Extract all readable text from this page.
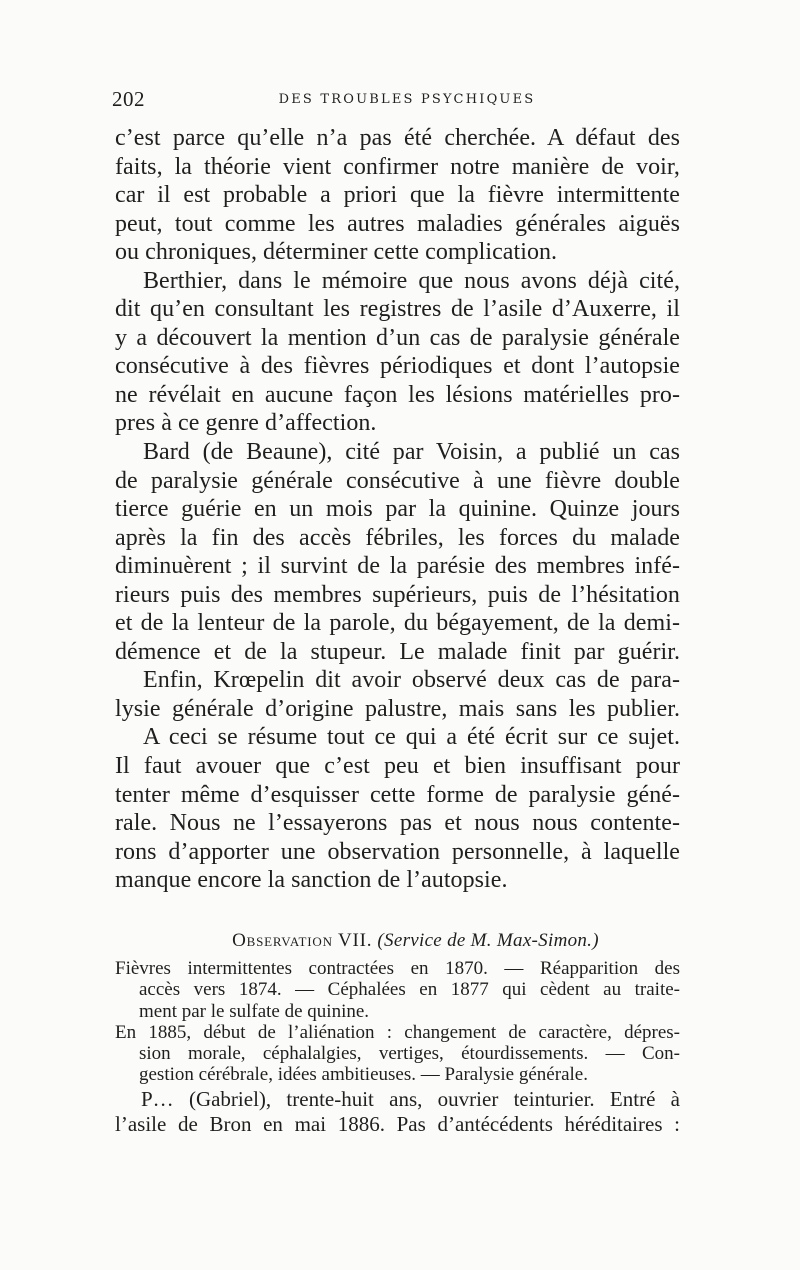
202	DES TROUBLES PSYCHIQUES
c’est parce qu’elle n’a pas été cherchée. A défaut des
faits, la théorie vient confirmer notre manière de voir,
car il est probable a priori que la fièvre intermittente
peut, tout comme les autres maladies générales aiguës
ou chroniques, déterminer cette complication.
Berthier, dans le mémoire que nous avons déjà cité,
dit qu’en consultant les registres de l’asile d’Auxerre, il
y a découvert la mention d’un cas de paralysie générale
consécutive à des fièvres périodiques et dont l’autopsie
ne révélait en aucune façon les lésions matérielles pro-
pres à ce genre d’affection.
Bard (de Beaune), cité par Voisin, a publié un cas
de paralysie générale consécutive à une fièvre double
tierce guérie en un mois par la quinine. Quinze jours
après la fin des accès fébriles, les forces du malade
diminuèrent ; il survint de la parésie des membres infé-
rieurs puis des membres supérieurs, puis de l’hésitation
et de la lenteur de la parole, du bégayement, de la demi-
démence et de la stupeur. Le malade finit par guérir.
Enfin, Krœpelin dit avoir observé deux cas de para-
lysie générale d’origine palustre, mais sans les publier.
A ceci se résume tout ce qui a été écrit sur ce sujet.
Il faut avouer que c’est peu et bien insuffisant pour
tenter même d’esquisser cette forme de paralysie géné-
rale. Nous ne l’essayerons pas et nous nous contente-
rons d’apporter une observation personnelle, à laquelle
manque encore la sanction de l’autopsie.
Observation VII. (Service de M. Max-Simon.)
Fièvres intermittentes contractées en 1870. — Réapparition des
accès vers 1874. — Céphalées en 1877 qui cèdent au traite-
ment par le sulfate de quinine.
En 1885, début de l’aliénation : changement de caractère, dépres-
sion morale, céphalalgies, vertiges, étourdissements. — Con-
gestion cérébrale, idées ambitieuses. — Paralysie générale.
P… (Gabriel), trente-huit ans, ouvrier teinturier. Entré à
l’asile de Bron en mai 1886. Pas d’antécédents héréditaires :
